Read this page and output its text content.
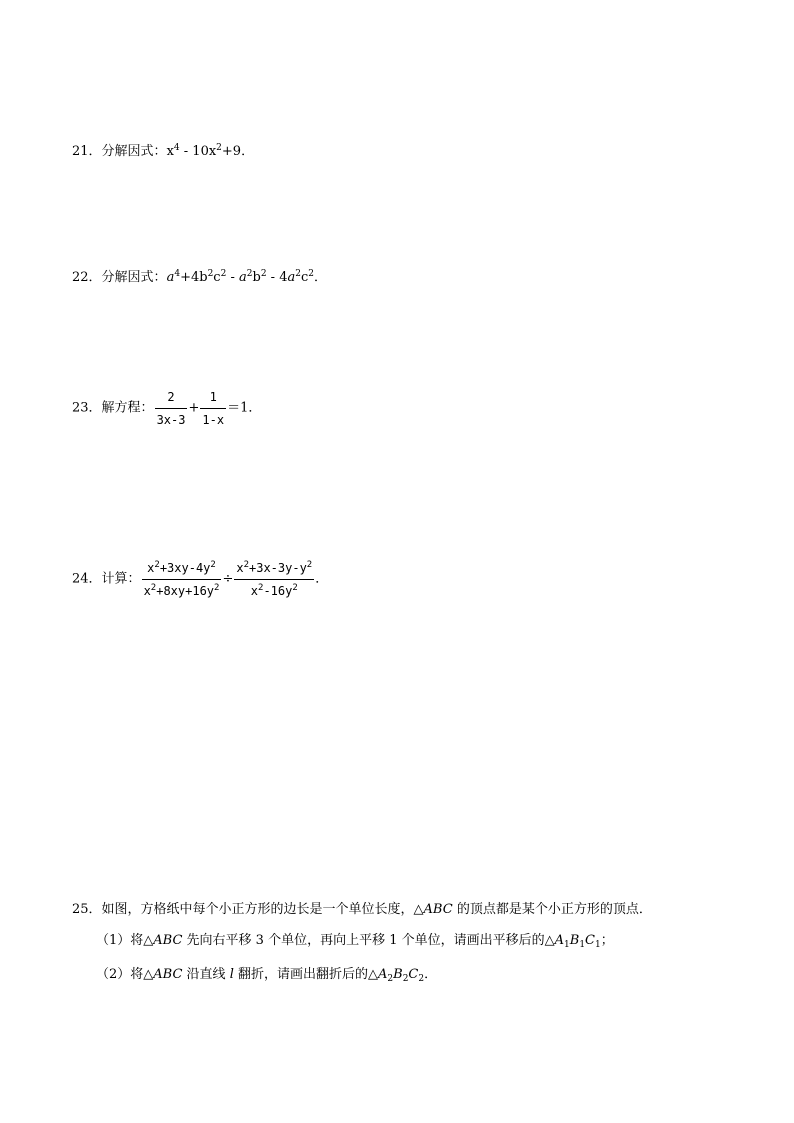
21．分解因式：$x^4 - 10x^2+9$．
22．分解因式：$a^4+4b^2c^2 - a^2b^2 - 4a^2c^2$．
23．解方程： $\frac{2}{3x-3} + \frac{1}{1-x} =1$．
24．计算： $\frac{x^2+3xy-4y^2}{x^2+8xy+16y^2} \div \frac{x^2+3x-3y-y^2}{x^2-16y^2}$ ．
25．如图，方格纸中每个小正方形的边长是一个单位长度，△ABC 的顶点都是某个小正方形的顶点．
（1）将△ABC 先向右平移 3 个单位，再向上平移 1 个单位，请画出平移后的$\triangle A_1B_1C_1$；
（2）将△ABC 沿直线 l 翻折，请画出翻折后的$\triangle A_2B_2C_2$．
